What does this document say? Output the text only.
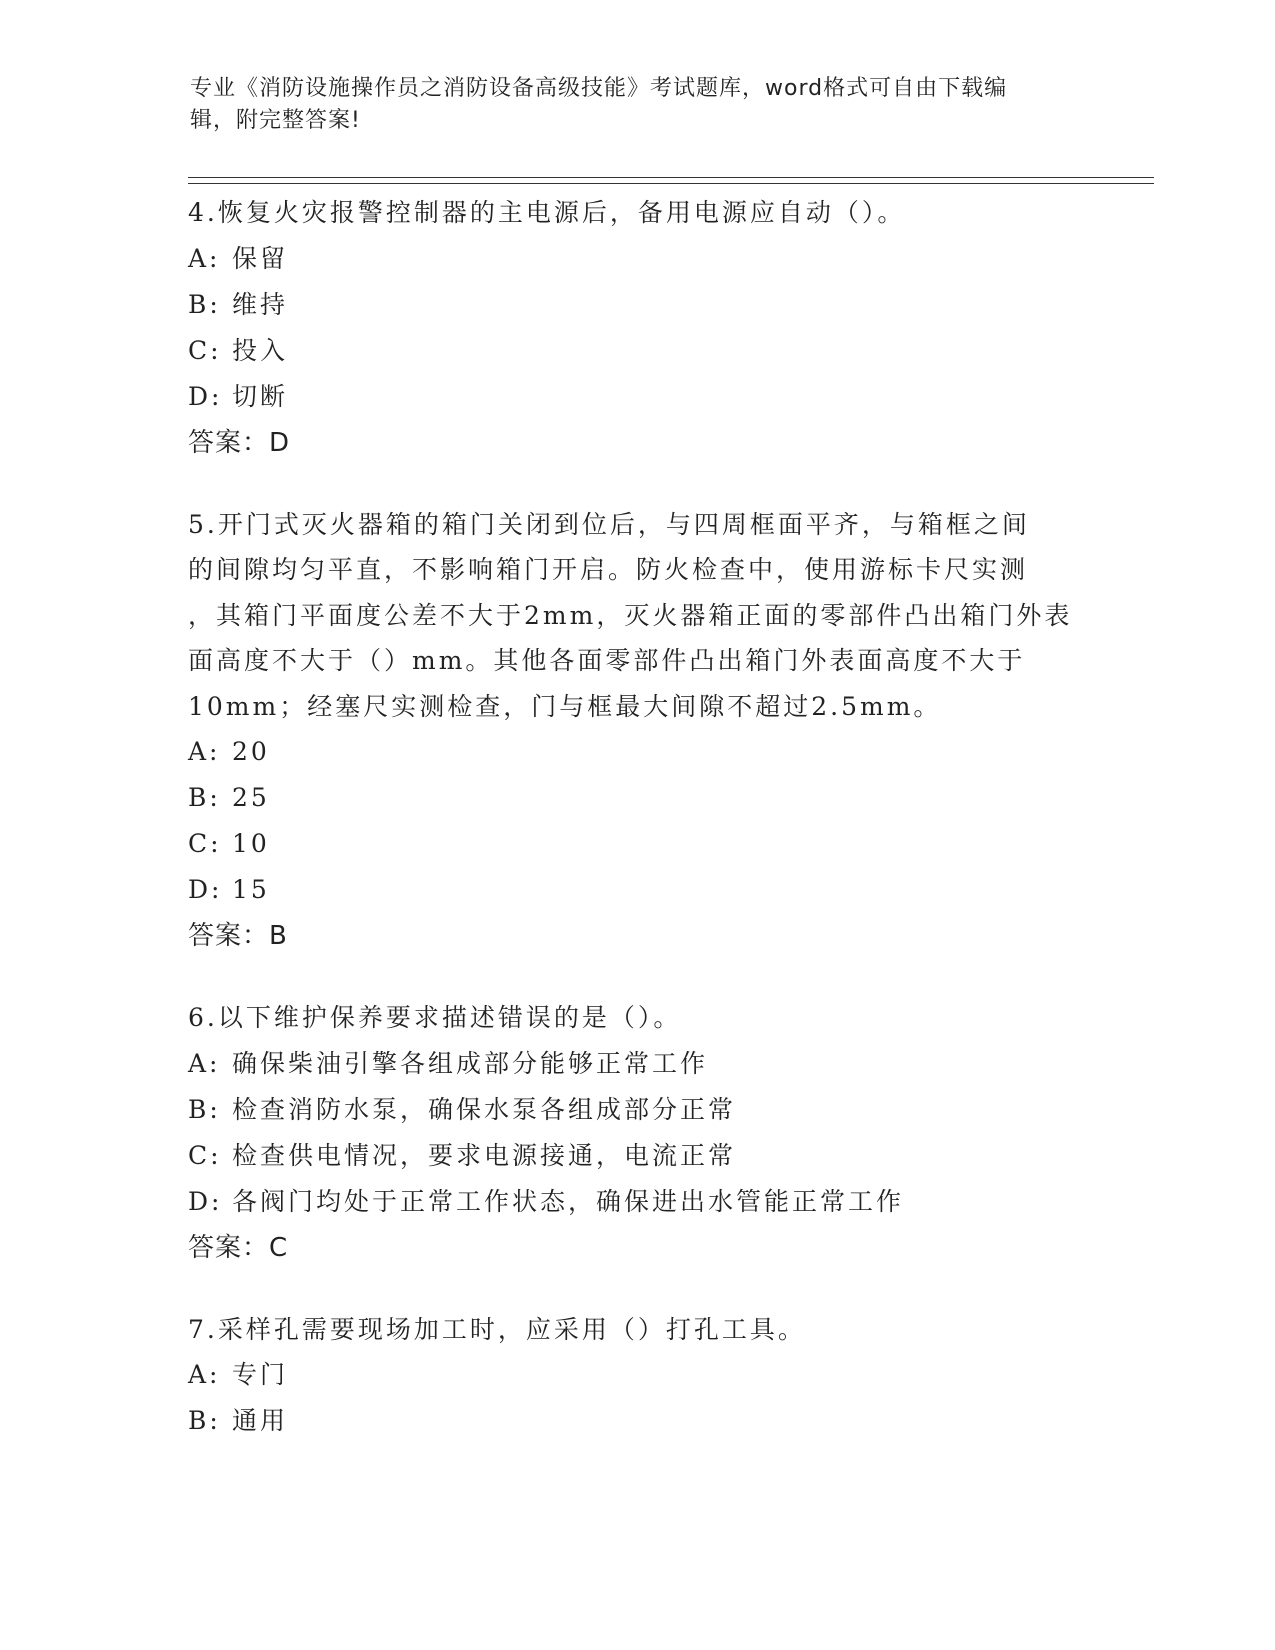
专业《消防设施操作员之消防设备高级技能》考试题库，word格式可自由下载编
辑，附完整答案!
4.恢复火灾报警控制器的主电源后，备用电源应自动（）。
A: 保留
B: 维持
C: 投入
D: 切断
答案：D
5.开门式灭火器箱的箱门关闭到位后，与四周框面平齐，与箱框之间
的间隙均匀平直，不影响箱门开启。防火检查中，使用游标卡尺实测
，其箱门平面度公差不大于2mm，灭火器箱正面的零部件凸出箱门外表
面高度不大于（）mm。其他各面零部件凸出箱门外表面高度不大于
10mm；经塞尺实测检查，门与框最大间隙不超过2.5mm。
A: 20
B: 25
C: 10
D: 15
答案：B
6.以下维护保养要求描述错误的是（）。
A: 确保柴油引擎各组成部分能够正常工作
B: 检查消防水泵，确保水泵各组成部分正常
C: 检查供电情况，要求电源接通，电流正常
D: 各阀门均处于正常工作状态，确保进出水管能正常工作
答案：C
7.采样孔需要现场加工时，应采用（）打孔工具。
A: 专门
B: 通用
